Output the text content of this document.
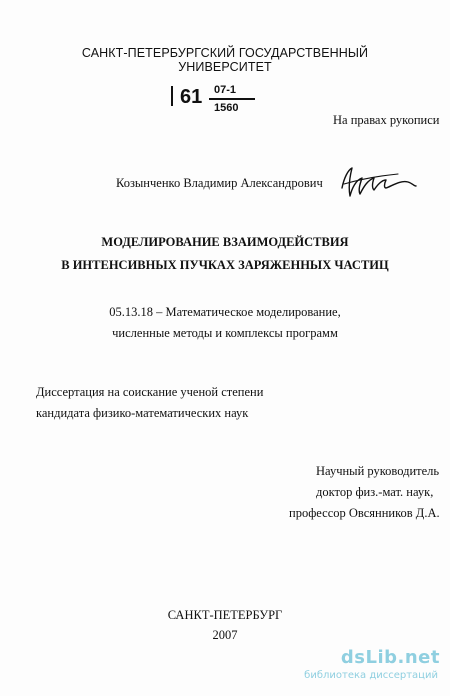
САНКТ-ПЕТЕРБУРГСКИЙ ГОСУДАРСТВЕННЫЙ
УНИВЕРСИТЕТ
61 07-1
1560
На правах рукописи
Козынченко Владимир Александрович
МОДЕЛИРОВАНИЕ ВЗАИМОДЕЙСТВИЯ
В ИНТЕНСИВНЫХ ПУЧКАХ ЗАРЯЖЕННЫХ ЧАСТИЦ
05.13.18 – Математическое моделирование,
численные методы и комплексы программ
Диссертация на соискание ученой степени
кандидата физико-математических наук
Научный руководитель
доктор физ.-мат. наук,
профессор Овсянников Д.А.
САНКТ-ПЕТЕРБУРГ
2007
dsLib.net
библиотека диссертаций
